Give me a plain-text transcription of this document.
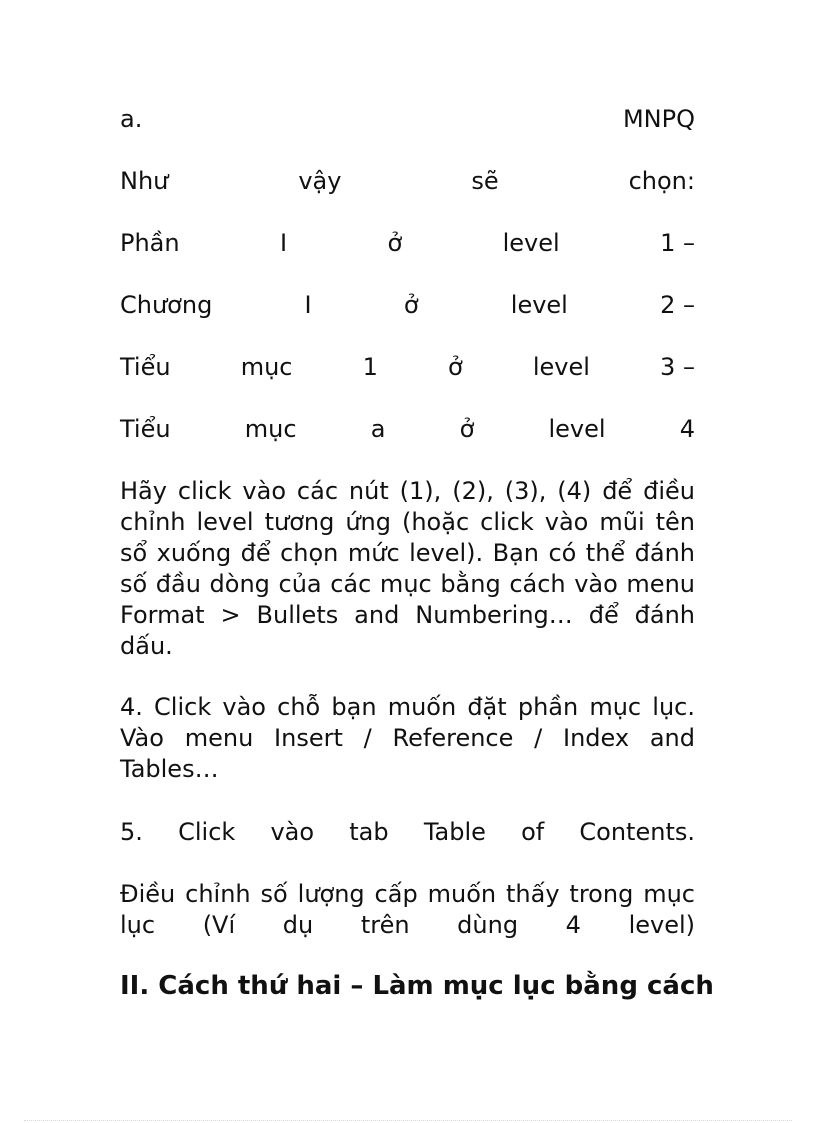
a.	MNPQ
Như	vậy	sẽ	chọn:
Phần	I	ở	level	1 –
Chương	I	ở	level	2 –
Tiểu	mục	1	ở	level	3 –
Tiểu	mục	a	ở	level	4
Hãy click vào các nút (1), (2), (3), (4) để điều
chỉnh level tương ứng (hoặc click vào mũi tên
sổ xuống để chọn mức level). Bạn có thể đánh
số đầu dòng của các mục bằng cách vào menu
Format > Bullets and Numbering… để đánh
dấu.
4. Click vào chỗ bạn muốn đặt phần mục lục.
Vào menu Insert / Reference / Index and
Tables…
5. Click vào tab Table of Contents.
Điều chỉnh số lượng cấp muốn thấy trong mục
lục (Ví dụ trên dùng 4 level)
II. Cách thứ hai – Làm mục lục bằng cách
